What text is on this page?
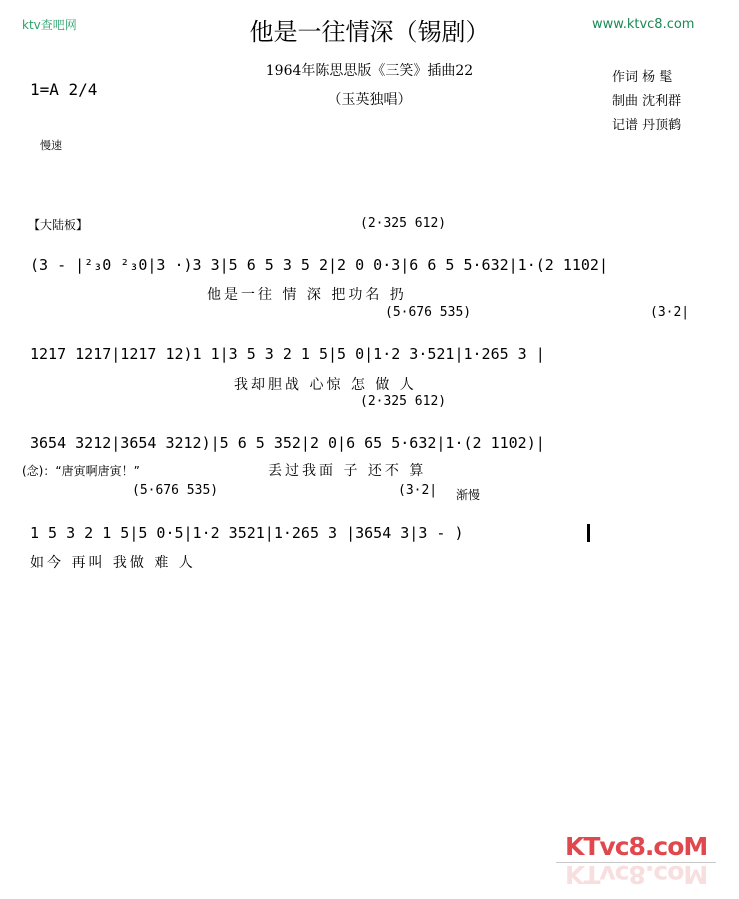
ktv查吧网	他是一往情深（锡剧）	www.ktvc8.com
1964年陈思思版《三笑》插曲22
（玉英独唱）
1=A 2/4
作词 杨 髦
制曲 沈利群
记谱 丹顶鹤
慢速
【大陆板】	(2·325 612)
(3 - |²₃0 ²₃0|3 ·)3 3|5 6 5 3 5 2|2 0 0·3|6 6 5 5·632|1·(2 1102|
他是一往 情 深 把功名 扔
(5·676 535)	(3·2|
1217 1217|1217 12)1 1|3 5 3 2 1 5|5 0|1·2 3·521|1·265 3 |
我却胆战 心惊 怎 做 人
(2·325 612)
3654 3212|3654 3212)|5 6 5 352|2 0|6 65 5·632|1·(2 1102)|
(念)：“唐寅啊唐寅！”	丢过我面 子 还不 算
(5·676 535)	(3·2| 渐慢
1 5 3 2 1 5|5 0·5|1·2 3521|1·265 3 |3654 3|3 - )
如今 再叫 我做 难 人
KTvc8.coM
KTvc8.coM
